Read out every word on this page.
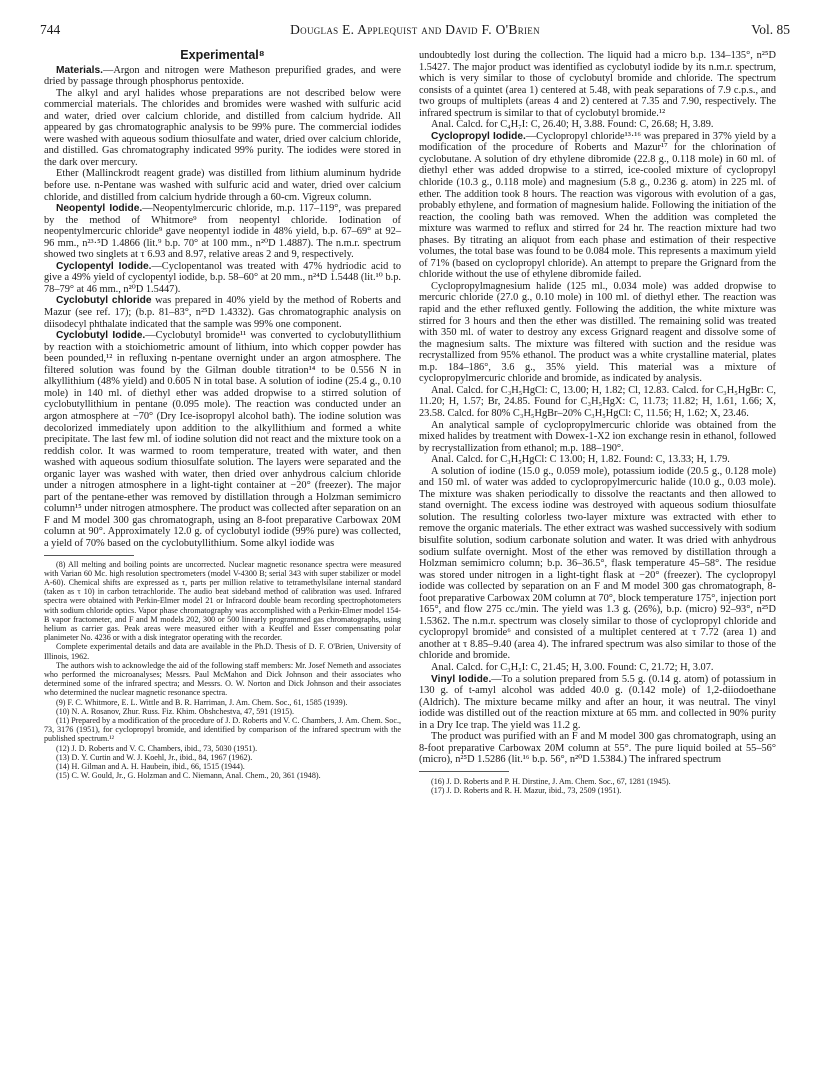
744	Douglas E. Applequist and David F. O'Brien	Vol. 85
Experimental⁸

Materials.—Argon and nitrogen were Matheson prepurified grades, and were dried by passage through phosphorus pentoxide.

The alkyl and aryl halides whose preparations are not described below were commercial materials. The chlorides and bromides were washed with sulfuric acid and water, dried over calcium chloride, and distilled from calcium hydride. All appeared by gas chromatographic analysis to be 99% pure. The commercial iodides were washed with aqueous sodium thiosulfate and water, dried over calcium chloride, and distilled. Gas chromatography indicated 99% purity. The iodides were stored in the dark over mercury.

Ether (Mallinckrodt reagent grade) was distilled from lithium aluminum hydride before use. n-Pentane was washed with sulfuric acid and water, dried over calcium chloride, and distilled from calcium hydride through a 60-cm. Vigreux column.

Neopentyl Iodide.—Neopentylmercuric chloride, m.p. 117–119°, was prepared by the method of Whitmore⁹ from neopentyl chloride. Iodination of neopentylmercuric chloride⁹ gave neopentyl iodide in 48% yield, b.p. 67–69° at 92–96 mm., n²³·⁵D 1.4866 (lit.⁹ b.p. 70° at 100 mm., n²⁰D 1.4887). The n.m.r. spectrum showed two singlets at τ 6.93 and 8.97, relative areas 2 and 9, respectively.

Cyclopentyl Iodide.—Cyclopentanol was treated with 47% hydriodic acid to give a 49% yield of cyclopentyl iodide, b.p. 58–60° at 20 mm., n²⁴D 1.5448 (lit.¹⁰ b.p. 78–79° at 46 mm., n²⁰D 1.5447).

Cyclobutyl chloride was prepared in 40% yield by the method of Roberts and Mazur (see ref. 17); (b.p. 81–83°, n²⁵D 1.4332). Gas chromatographic analysis on diisodecyl phthalate indicated that the sample was 99% one component.

Cyclobutyl Iodide.—Cyclobutyl bromide¹¹ was converted to cyclobutyllithium by reaction with a stoichiometric amount of lithium, into which copper powder has been pounded,¹² in refluxing n-pentane overnight under an argon atmosphere. The filtered solution was found by the Gilman double titration¹⁴ to be 0.556 N in alkyllithium (48% yield) and 0.605 N in total base. A solution of iodine (25.4 g., 0.10 mole) in 140 ml. of diethyl ether was added dropwise to a stirred solution of cyclobutyllithium in pentane (0.095 mole). The reaction was conducted under an argon atmosphere at −70° (Dry Ice-isopropyl alcohol bath). The iodine solution was decolorized immediately upon addition to the alkyllithium and formed a white precipitate. The last few ml. of iodine solution did not react and the mixture took on a reddish color. It was warmed to room temperature, treated with water, and then washed with aqueous sodium thiosulfate solution. The layers were separated and the organic layer was washed with water, then dried over anhydrous calcium chloride under a nitrogen atmosphere in a light-tight container at −20° (freezer). The major part of the pentane-ether was removed by distillation through a Holzman semimicro column¹⁵ under nitrogen atmosphere. The product was collected after separation on an F and M model 300 gas chromatograph, using an 8-foot preparative Carbowax 20M column at 90°. Approximately 12.0 g. of cyclobutyl iodide (99% pure) was collected, a yield of 70% based on the cyclobutyllithium. Some alkyl iodide was

(8) All melting and boiling points are uncorrected. Nuclear magnetic resonance spectra were measured with Varian 60 Mc. high resolution spectrometers (model V-4300 B; serial 343 with super stabilizer or model A-60). Chemical shifts are expressed as τ, parts per million relative to tetramethylsilane internal standard (taken as τ 10) in carbon tetrachloride. The audio beat sideband method of calibration was used. Infrared spectra were obtained with Perkin-Elmer model 21 or Infracord double beam recording spectrophotometers with sodium chloride optics. Vapor phase chromatography was accomplished with a Perkin-Elmer model 154-B vapor fractometer, and F and M models 202, 300 or 500 linearly programmed gas chromatographs, using helium as carrier gas. Peak areas were measured either with a Keuffel and Esser compensating polar planimeter No. 4236 or with a disk integrator operating with the recorder.

Complete experimental details and data are available in the Ph.D. Thesis of D. F. O'Brien, University of Illinois, 1962.

The authors wish to acknowledge the aid of the following staff members: Mr. Josef Nemeth and associates who performed the microanalyses; Messrs. Paul McMahon and Dick Johnson and their associates who determined some of the infrared spectra; and Messrs. O. W. Norton and Dick Johnson and their associates who determined the nuclear magnetic resonance spectra.

(9) F. C. Whitmore, E. L. Wittle and B. R. Harriman, J. Am. Chem. Soc., 61, 1585 (1939).

(10) N. A. Rosanov, Zhur. Russ. Fiz. Khim. Obshchestva, 47, 591 (1915).

(11) Prepared by a modification of the procedure of J. D. Roberts and V. C. Chambers, J. Am. Chem. Soc., 73, 3176 (1951), for cyclopropyl bromide, and identified by comparison of the infrared spectrum with the published spectrum.¹²

(12) J. D. Roberts and V. C. Chambers, ibid., 73, 5030 (1951).

(13) D. Y. Curtin and W. J. Koehl, Jr., ibid., 84, 1967 (1962).

(14) H. Gilman and A. H. Haubein, ibid., 66, 1515 (1944).

(15) C. W. Gould, Jr., G. Holzman and C. Niemann, Anal. Chem., 20, 361 (1948).

undoubtedly lost during the collection. The liquid had a micro b.p. 134–135°, n²⁵D 1.5427. The major product was identified as cyclobutyl iodide by its n.m.r. spectrum, which is very similar to those of cyclobutyl bromide and chloride. The spectrum consists of a quintet (area 1) centered at 5.48, with peak separations of 7.9 c.p.s., and two groups of multiplets (areas 4 and 2) centered at 7.35 and 7.90, respectively. The infrared spectrum is similar to that of cyclobutyl bromide.¹²

Anal. Calcd. for C₄H₇I: C, 26.40; H, 3.88. Found: C, 26.68; H, 3.89.

Cyclopropyl Iodide.—Cyclopropyl chloride¹³·¹⁶ was prepared in 37% yield by a modification of the procedure of Roberts and Mazur¹⁷ for the chlorination of cyclobutane. A solution of dry ethylene dibromide (22.8 g., 0.118 mole) in 60 ml. of diethyl ether was added dropwise to a stirred, ice-cooled mixture of cyclopropyl chloride (10.3 g., 0.118 mole) and magnesium (5.8 g., 0.236 g. atom) in 225 ml. of ether. The addition took 8 hours. The reaction was vigorous with evolution of a gas, probably ethylene, and formation of magnesium halide. Following the initiation of the reaction, the cooling bath was removed. When the addition was completed the mixture was warmed to reflux and stirred for 24 hr. The reaction mixture had two phases. By titrating an aliquot from each phase and estimation of their respective volumes, the total base was found to be 0.084 mole. This represents a maximum yield of 71% (based on cyclopropyl chloride). An attempt to prepare the Grignard from the chloride without the use of ethylene dibromide failed.

Cyclopropylmagnesium halide (125 ml., 0.034 mole) was added dropwise to mercuric chloride (27.0 g., 0.10 mole) in 100 ml. of diethyl ether. The reaction was rapid and the ether refluxed gently. Following the addition, the white mixture was stirred for 3 hours and then the ether was distilled. The remaining solid was treated with 350 ml. of water to destroy any excess Grignard reagent and dissolve some of the magnesium salts. The mixture was filtered with suction and the residue was recrystallized from 95% ethanol. The product was a white crystalline material, plates m.p. 184–186°, 3.6 g., 35% yield. This material was a mixture of cyclopropylmercuric chloride and bromide, as indicated by analysis.

Anal. Calcd. for C₃H₅HgCl: C, 13.00; H, 1.82; Cl, 12.83. Calcd. for C₃H₅HgBr: C, 11.20; H, 1.57; Br, 24.85. Found for C₃H₅HgX: C, 11.73; 11.82; H, 1.61, 1.66; X, 23.58. Calcd. for 80% C₃H₅HgBr–20% C₃H₅HgCl: C, 11.56; H, 1.62; X, 23.46.

An analytical sample of cyclopropylmercuric chloride was obtained from the mixed halides by treatment with Dowex-1-X2 ion exchange resin in ethanol, followed by recrystallization from ethanol; m.p. 188–190°.

Anal. Calcd. for C₃H₅HgCl: C 13.00; H, 1.82. Found: C, 13.33; H, 1.79.

A solution of iodine (15.0 g., 0.059 mole), potassium iodide (20.5 g., 0.128 mole) and 150 ml. of water was added to cyclopropylmercuric halide (10.0 g., 0.03 mole). The mixture was shaken periodically to dissolve the reactants and then allowed to stand overnight. The excess iodine was destroyed with aqueous sodium thiosulfate solution. The resulting colorless two-layer mixture was extracted with ether to remove the organic materials. The ether extract was washed successively with sodium bisulfite solution, sodium carbonate solution and water. It was dried with anhydrous sodium sulfate overnight. Most of the ether was removed by distillation through a Holzman semimicro column; b.p. 36–36.5°, flask temperature 45–58°. The residue was stored under nitrogen in a light-tight flask at −20° (freezer). The cyclopropyl iodide was collected by separation on an F and M model 300 gas chromatograph, 8-foot preparative Carbowax 20M column at 70°, block temperature 175°, injection port 165°, and flow 275 cc./min. The yield was 1.3 g. (26%), b.p. (micro) 92–93°, n²⁵D 1.5362. The n.m.r. spectrum was closely similar to those of cyclopropyl chloride and cyclopropyl bromide⁶ and consisted of a multiplet centered at τ 7.72 (area 1) and another at τ 8.85–9.40 (area 4). The infrared spectrum was also similar to those of the chloride and bromide.

Anal. Calcd. for C₃H₅I: C, 21.45; H, 3.00. Found: C, 21.72; H, 3.07.

Vinyl Iodide.—To a solution prepared from 5.5 g. (0.14 g. atom) of potassium in 130 g. of t-amyl alcohol was added 40.0 g. (0.142 mole) of 1,2-diiodoethane (Aldrich). The mixture became milky and after an hour, it was neutral. The vinyl iodide was distilled out of the reaction mixture at 65 mm. and collected in 90% purity in a Dry Ice trap. The yield was 11.2 g.

The product was purified with an F and M model 300 gas chromatograph, using an 8-foot preparative Carbowax 20M column at 55°. The pure liquid boiled at 55–56° (micro), n²⁵D 1.5286 (lit.¹⁶ b.p. 56°, n²⁰D 1.5384.) The infrared spectrum

(16) J. D. Roberts and P. H. Dirstine, J. Am. Chem. Soc., 67, 1281 (1945).

(17) J. D. Roberts and R. H. Mazur, ibid., 73, 2509 (1951).
